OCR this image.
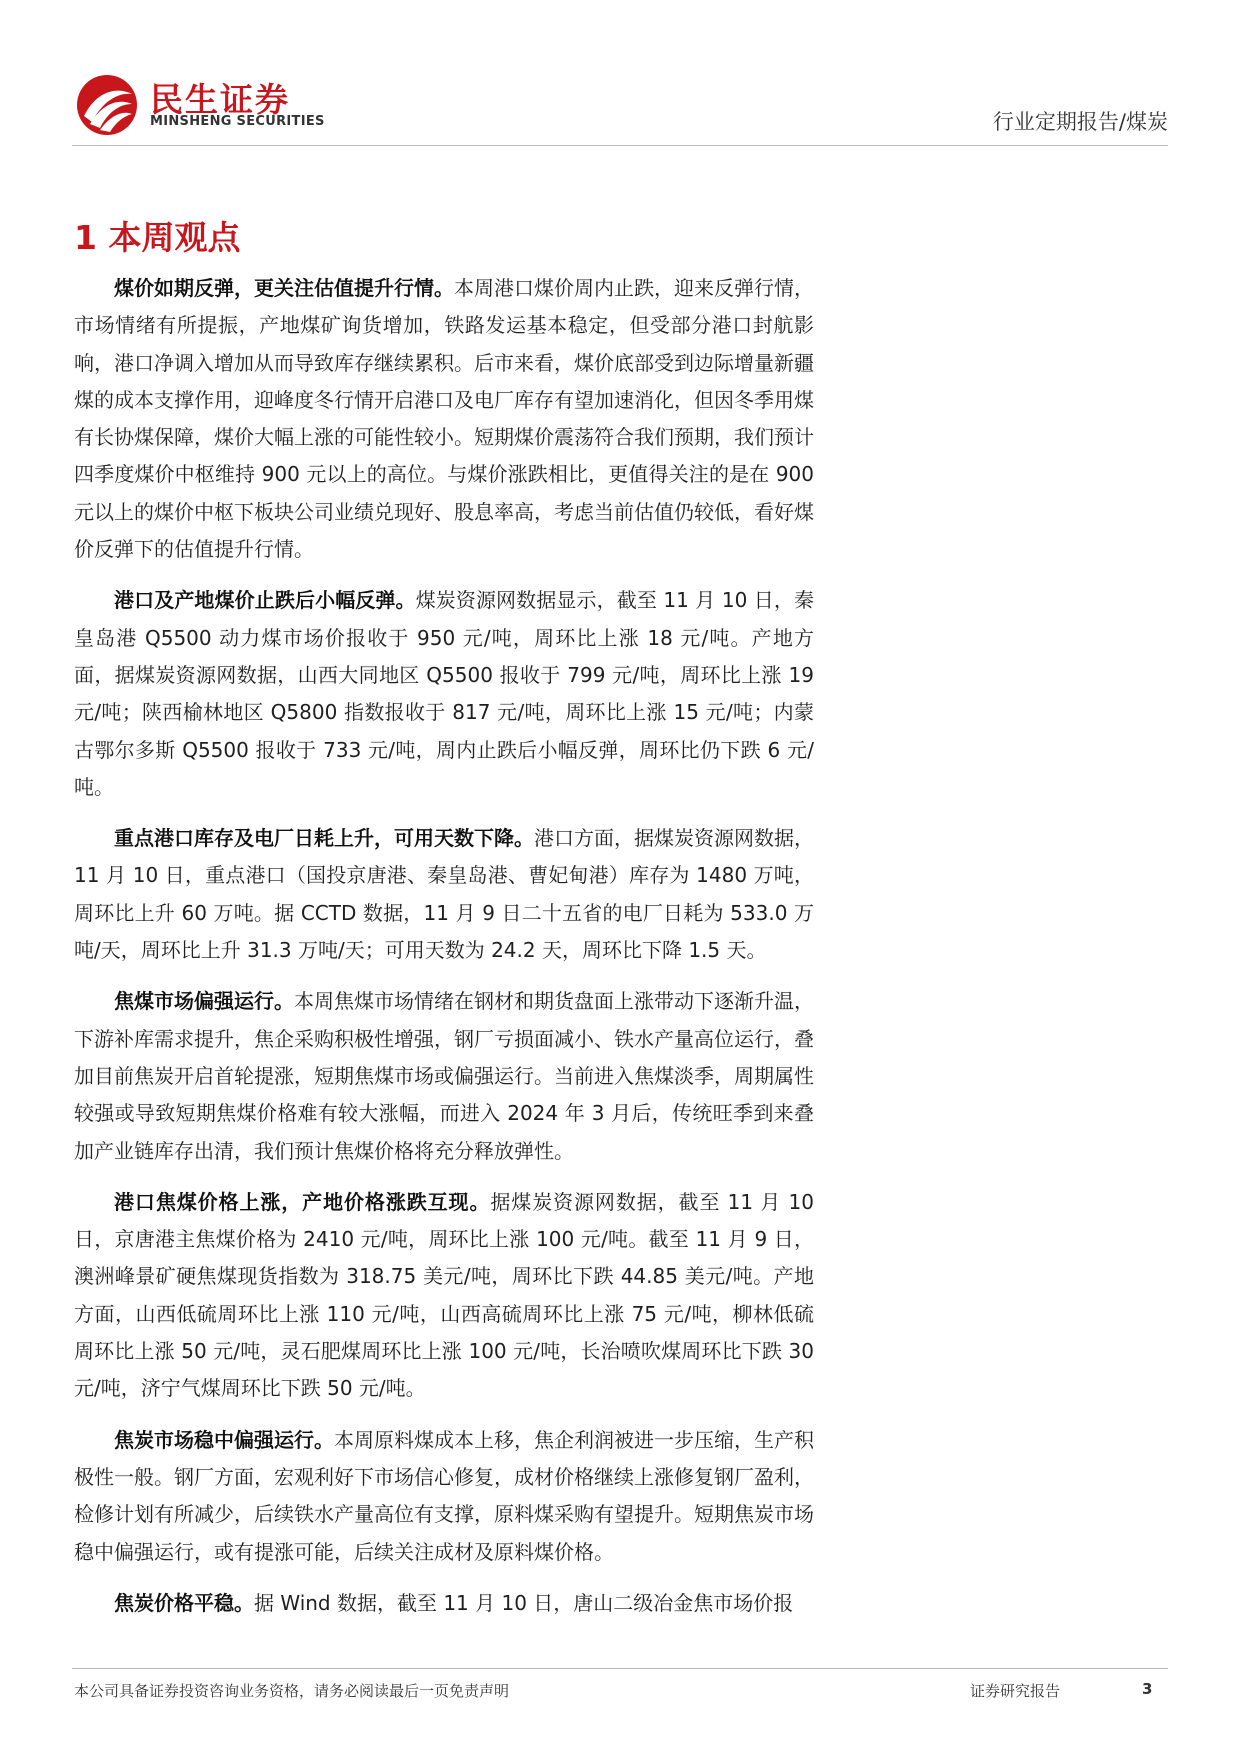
民生证券
MINSHENG SECURITIES	行业定期报告/煤炭
1 本周观点

煤价如期反弹，更关注估值提升行情。本周港口煤价周内止跌，迎来反弹行情，市场情绪有所提振，产地煤矿询货增加，铁路发运基本稳定，但受部分港口封航影响，港口净调入增加从而导致库存继续累积。后市来看，煤价底部受到边际增量新疆煤的成本支撑作用，迎峰度冬行情开启港口及电厂库存有望加速消化，但因冬季用煤有长协煤保障，煤价大幅上涨的可能性较小。短期煤价震荡符合我们预期，我们预计四季度煤价中枢维持 900 元以上的高位。与煤价涨跌相比，更值得关注的是在 900 元以上的煤价中枢下板块公司业绩兑现好、股息率高，考虑当前估值仍较低，看好煤价反弹下的估值提升行情。

港口及产地煤价止跌后小幅反弹。煤炭资源网数据显示，截至 11 月 10 日，秦皇岛港 Q5500 动力煤市场价报收于 950 元/吨，周环比上涨 18 元/吨。产地方面，据煤炭资源网数据，山西大同地区 Q5500 报收于 799 元/吨，周环比上涨 19 元/吨；陕西榆林地区 Q5800 指数报收于 817 元/吨，周环比上涨 15 元/吨；内蒙古鄂尔多斯 Q5500 报收于 733 元/吨，周内止跌后小幅反弹，周环比仍下跌 6 元/吨。

重点港口库存及电厂日耗上升，可用天数下降。港口方面，据煤炭资源网数据，11 月 10 日，重点港口（国投京唐港、秦皇岛港、曹妃甸港）库存为 1480 万吨，周环比上升 60 万吨。据 CCTD 数据，11 月 9 日二十五省的电厂日耗为 533.0 万吨/天，周环比上升 31.3 万吨/天；可用天数为 24.2 天，周环比下降 1.5 天。

焦煤市场偏强运行。本周焦煤市场情绪在钢材和期货盘面上涨带动下逐渐升温，下游补库需求提升，焦企采购积极性增强，钢厂亏损面减小、铁水产量高位运行，叠加目前焦炭开启首轮提涨，短期焦煤市场或偏强运行。当前进入焦煤淡季，周期属性较强或导致短期焦煤价格难有较大涨幅，而进入 2024 年 3 月后，传统旺季到来叠加产业链库存出清，我们预计焦煤价格将充分释放弹性。

港口焦煤价格上涨，产地价格涨跌互现。据煤炭资源网数据，截至 11 月 10 日，京唐港主焦煤价格为 2410 元/吨，周环比上涨 100 元/吨。截至 11 月 9 日，澳洲峰景矿硬焦煤现货指数为 318.75 美元/吨，周环比下跌 44.85 美元/吨。产地方面，山西低硫周环比上涨 110 元/吨，山西高硫周环比上涨 75 元/吨，柳林低硫周环比上涨 50 元/吨，灵石肥煤周环比上涨 100 元/吨，长治喷吹煤周环比下跌 30 元/吨，济宁气煤周环比下跌 50 元/吨。

焦炭市场稳中偏强运行。本周原料煤成本上移，焦企利润被进一步压缩，生产积极性一般。钢厂方面，宏观利好下市场信心修复，成材价格继续上涨修复钢厂盈利，检修计划有所减少，后续铁水产量高位有支撑，原料煤采购有望提升。短期焦炭市场稳中偏强运行，或有提涨可能，后续关注成材及原料煤价格。

焦炭价格平稳。据 Wind 数据，截至 11 月 10 日，唐山二级冶金焦市场价报

本公司具备证券投资咨询业务资格，请务必阅读最后一页免责声明	证券研究报告	3
